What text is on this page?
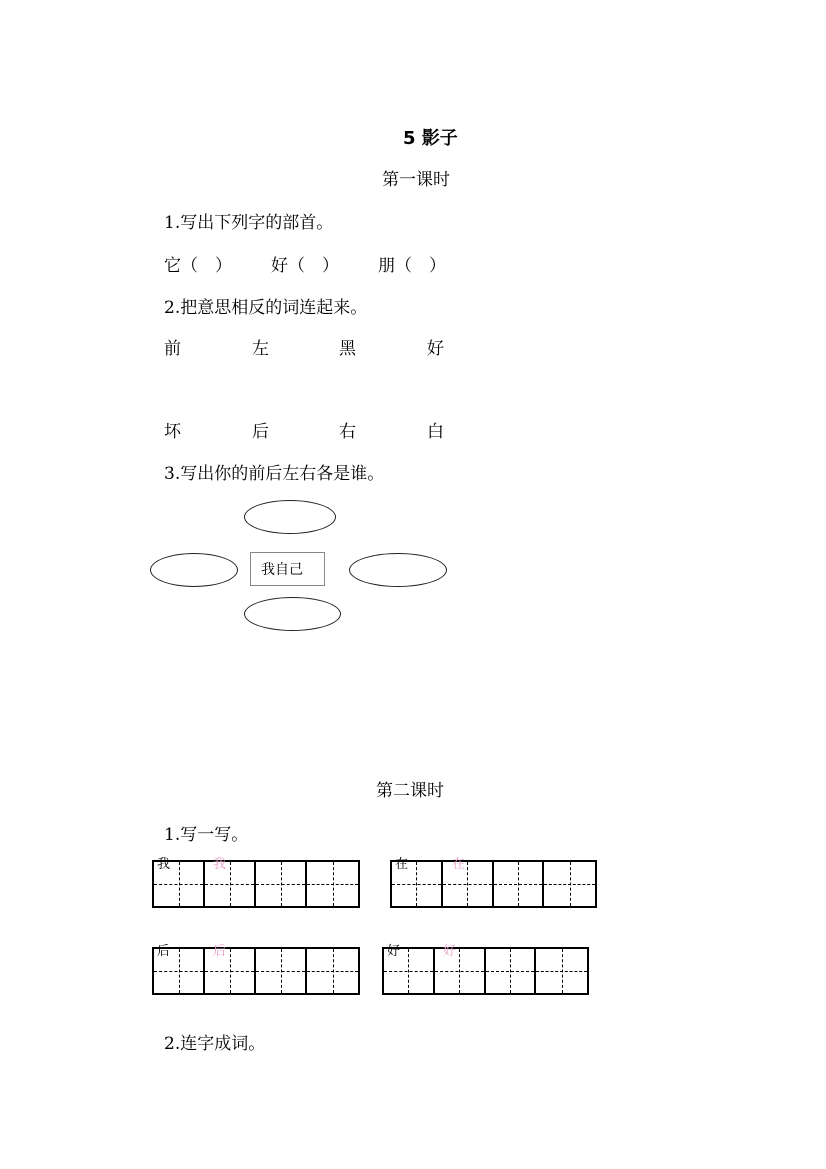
5 影子
第一课时
1.写出下列字的部首。
它（　） 好（　） 朋（　）
2.把意思相反的词连起来。
前	左	黑	好
坏	后	右	白
3.写出你的前后左右各是谁。
我自己
第二课时
1.写一写。
我	我	在	在
后	后	好	好
2.连字成词。
